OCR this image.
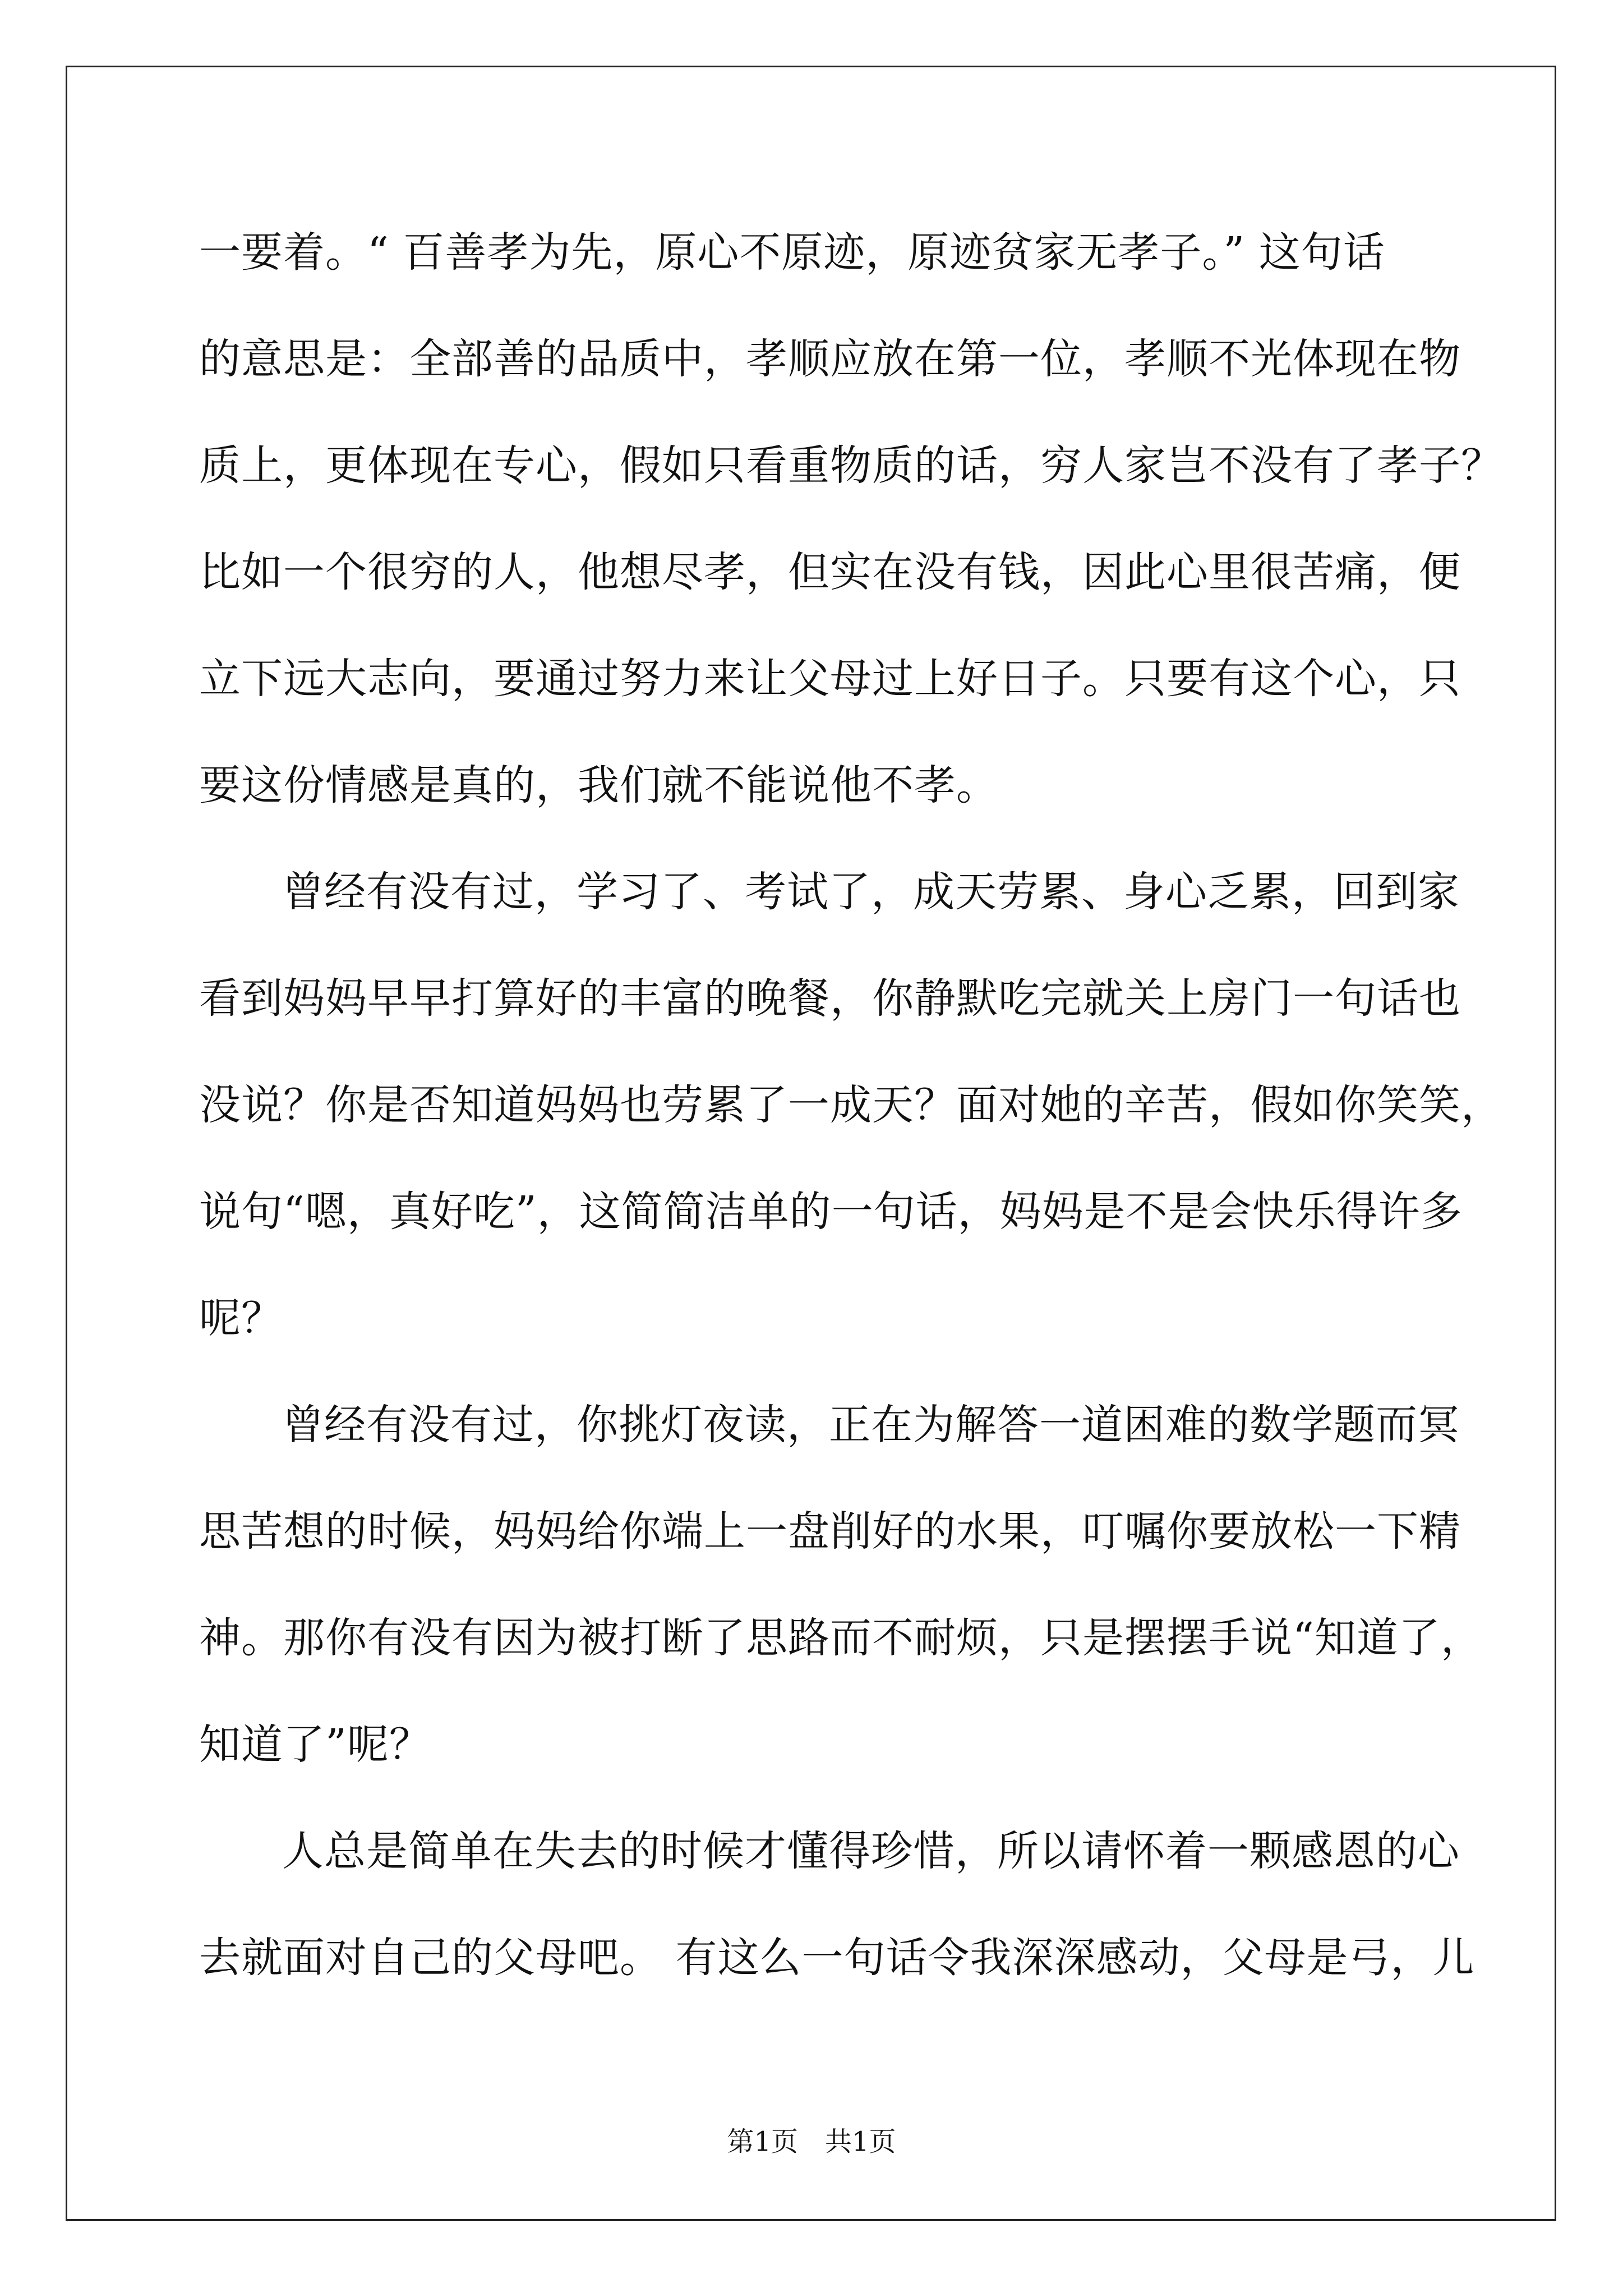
一要着。“ 百善孝为先，原心不原迹，原迹贫家无孝子。” 这句话
的意思是：全部善的品质中，孝顺应放在第一位，孝顺不光体现在物
质上，更体现在专心，假如只看重物质的话，穷人家岂不没有了孝子？
比如一个很穷的人，他想尽孝，但实在没有钱，因此心里很苦痛，便
立下远大志向，要通过努力来让父母过上好日子。只要有这个心，只
要这份情感是真的，我们就不能说他不孝。
曾经有没有过，学习了、考试了，成天劳累、身心乏累，回到家
看到妈妈早早打算好的丰富的晚餐，你静默吃完就关上房门一句话也
没说？你是否知道妈妈也劳累了一成天？面对她的辛苦，假如你笑笑，
说句“嗯，真好吃”，这简简洁单的一句话，妈妈是不是会快乐得许多
呢？
曾经有没有过，你挑灯夜读，正在为解答一道困难的数学题而冥
思苦想的时候，妈妈给你端上一盘削好的水果，叮嘱你要放松一下精
神。那你有没有因为被打断了思路而不耐烦，只是摆摆手说“知道了，
知道了”呢？
人总是简单在失去的时候才懂得珍惜，所以请怀着一颗感恩的心
去就面对自己的父母吧。 有这么一句话令我深深感动，父母是弓，儿
第1页　共1页
